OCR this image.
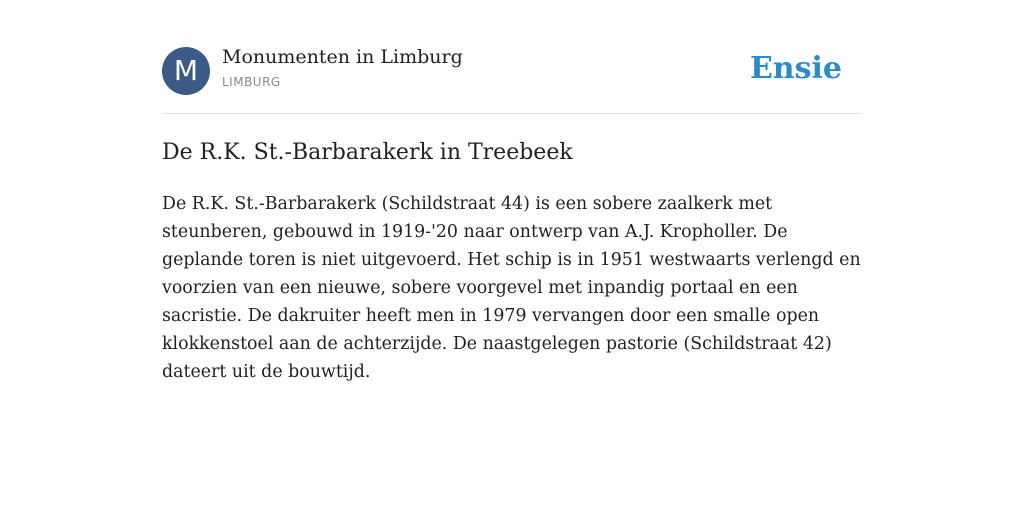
M	Monumenten in Limburg
LIMBURG	Ensie
De R.K. St.-Barbarakerk in Treebeek

De R.K. St.-Barbarakerk (Schildstraat 44) is een sobere zaalkerk met steunberen, gebouwd in 1919-'20 naar ontwerp van A.J. Kropholler. De geplande toren is niet uitgevoerd. Het schip is in 1951 westwaarts verlengd en voorzien van een nieuwe, sobere voorgevel met inpandig portaal en een sacristie. De dakruiter heeft men in 1979 vervangen door een smalle open klokkenstoel aan de achterzijde. De naastgelegen pastorie (Schildstraat 42) dateert uit de bouwtijd.
